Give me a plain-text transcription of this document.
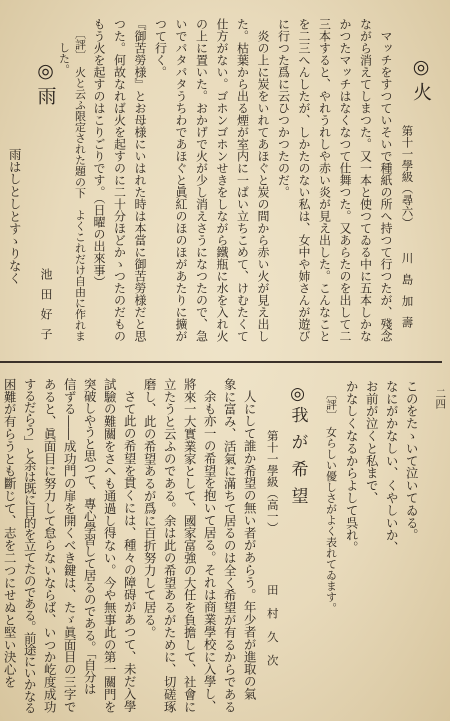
◎火
第十一學級（尋六）
川島加壽
マッチをすつていそいで種紙の所へ持つて行つたが、殘念
ながら消えてしまつた。又一本と使つてゐる中に五本しかな
かつたマッチはなくなつて仕舞つた。又あらたのを出して二
三本すると、やれうれしや赤い炎が見え出した。こんなこと
を二三へんしたが、しかたのない私は、女中や姉さんが遊び
に行つた爲に云ひつかつたのだ。
炎の上に炭をいれてあほぐと炭の間から赤い火が見え出し
た。枯葉から出る煙が室内に一ぱい立ちこめて、けむたくて
仕方がない。ゴホンゴホンせきをしながら鐵瓶に水を入れ火
の上に置いた。おかげで火が少し消えさうになつたので、急
いでパタパタうちわであほぐと眞紅のほのほがあたりに擴が
つて行く。
『御苦勞様』とお母様にいはれた時は本當に御苦勞様だと思
つた。何故なれば火を起すのに二十分ほどかゝつたのだもの
もう火を起すのはこりごりです。（日曜の出來事）
〔評〕　火と云ふ限定された題の下　よくこれだけ自由に作れま
した。
◎雨
池田好子
雨はしとしとすゝりなく
二四
このをたゝいて泣いてゐる。
なにがかなしい、くやしいか、
お前が泣くと私まで、
かなしくなるからよして呉れ。
〔評〕　女らしい優しさがよく表れてゐます。
◎我が希望
第十一學級（高一）
田村久次
人にして誰か希望の無い者があらう。年少者が進取の氣
象に富み、活氣に滿ちて居るのは全く希望が有るからである
余も亦一の希望を抱いて居る。それは商業學校に入學し、
將來一大實業家として、國家富強の大任を負擔して、社會に
立たうと云ふのである。余は此の希望あるがために、切磋琢
磨し、此の希望あるが爲に百折努力して居る。
さて此の希望を貫くには、種々の障碍があつて、未だ入學
試驗の難關をさへも通過し得ない。今や無事此の第一關門を
突破しやうと思つて、專心學習して居るのである。「自分は
信ずる――成功門の扉を開くべき鍵は、たゞ眞面目の三字で
あると、眞面目に努力して怠らないならば、いつか屹度成功
するだらう」と余は既に目的を立てたのである。前途にいかなる
困難が有らうとも斷じて、志を二つにせぬと堅い決心を
